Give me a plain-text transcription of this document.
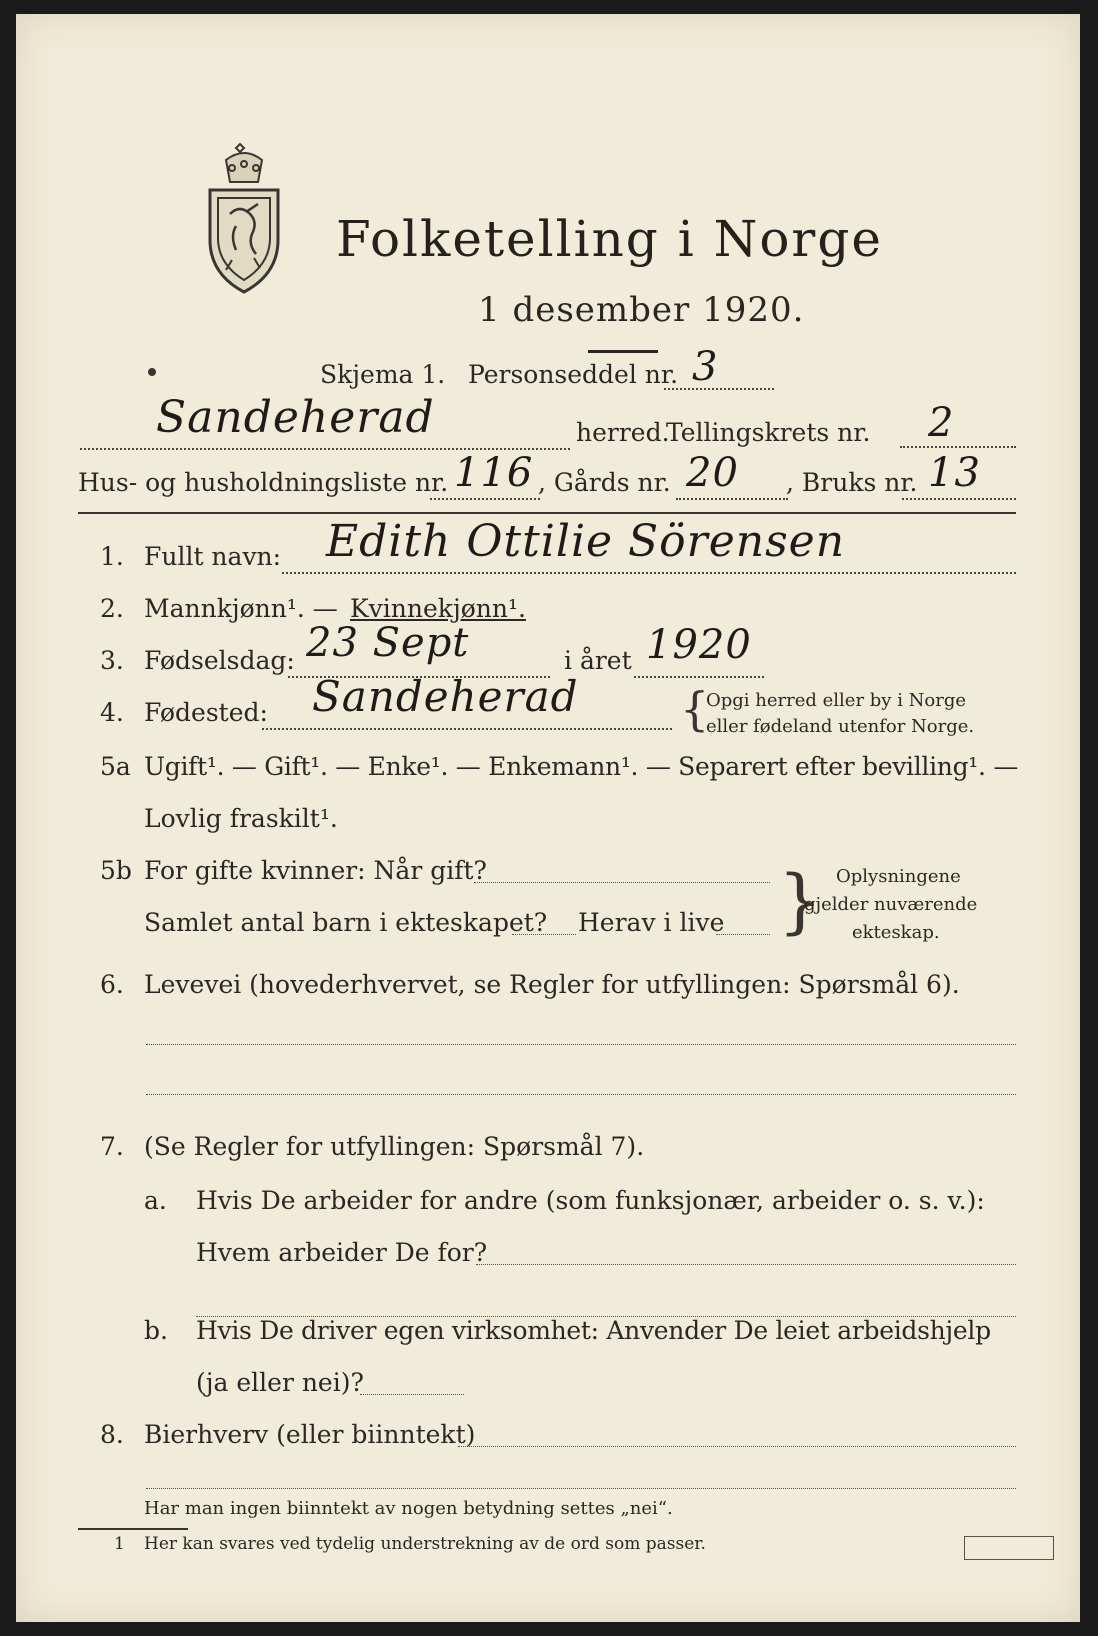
Folketelling i Norge
1 desember 1920.
Skjema 1. Personseddel nr. 3
Sandeherad	herred.
Tellingskrets nr. 2
Hus- og husholdningsliste nr. 116 , Gårds nr. 20 , Bruks nr. 13
1. Fullt navn: Edith Ottilie Sörensen
2. Mannkjønn¹. — Kvinnekjønn¹.
3. Fødselsdag: 23 Sept	i året 1920
4. Fødested: Sandeherad {
Opgi herred eller by i Norge
eller fødeland utenfor Norge.
5a Ugift¹. — Gift¹. — Enke¹. — Enkemann¹. — Separert efter bevilling¹. —
Lovlig fraskilt¹.
5b For gifte kvinner: Når gift?
Samlet antal barn i ekteskapet? Herav i live } Oplysningene
gjelder nuværende
ekteskap.
6. Levevei (hovederhvervet, se Regler for utfyllingen: Spørsmål 6).
7. (Se Regler for utfyllingen: Spørsmål 7).
a. Hvis De arbeider for andre (som funksjonær, arbeider o. s. v.):
Hvem arbeider De for?
b. Hvis De driver egen virksomhet: Anvender De leiet arbeidshjelp
(ja eller nei)?
8. Bierhverv (eller biinntekt)
Har man ingen biinntekt av nogen betydning settes „nei“.
1 Her kan svares ved tydelig understrekning av de ord som passer.
